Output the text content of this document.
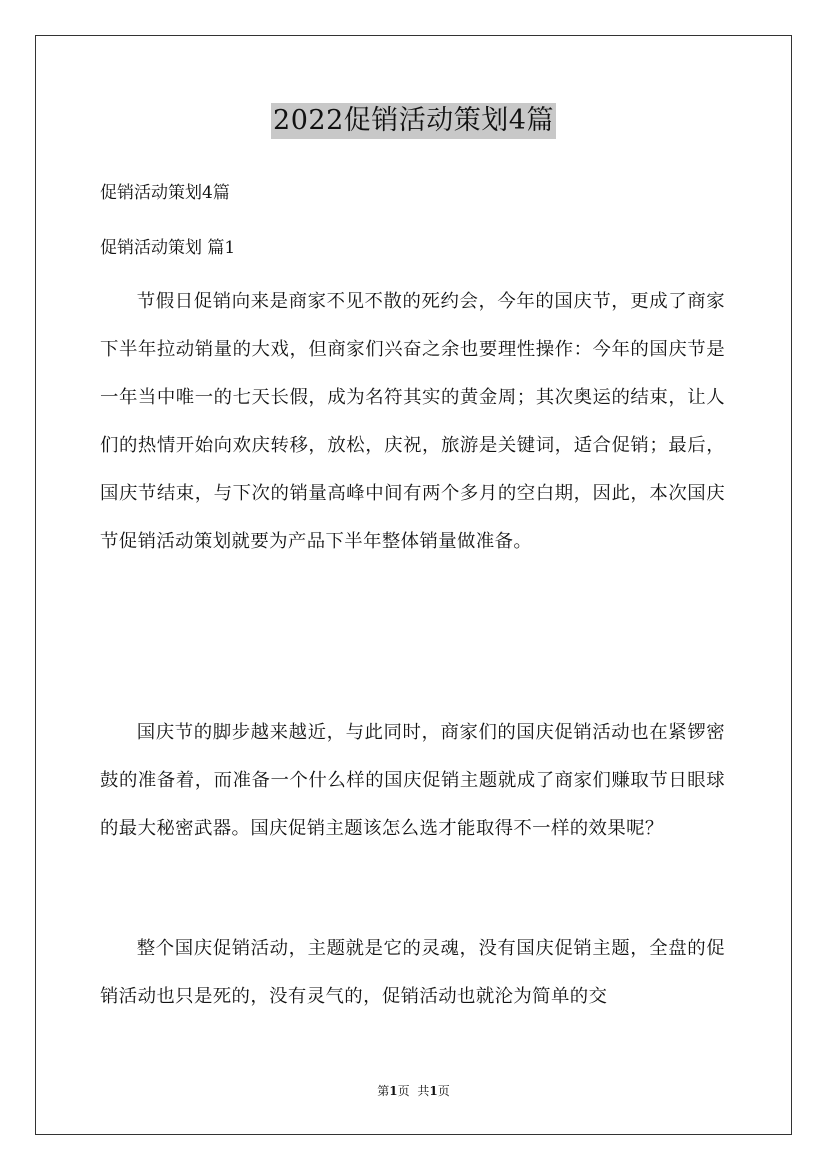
2022促销活动策划4篇

促销活动策划4篇

促销活动策划 篇1

节假日促销向来是商家不见不散的死约会，今年的国庆节，更成了商家下半年拉动销量的大戏，但商家们兴奋之余也要理性操作：今年的国庆节是一年当中唯一的七天长假，成为名符其实的黄金周；其次奥运的结束，让人们的热情开始向欢庆转移，放松，庆祝，旅游是关键词，适合促销；最后，国庆节结束，与下次的销量高峰中间有两个多月的空白期，因此，本次国庆节促销活动策划就要为产品下半年整体销量做准备。

国庆节的脚步越来越近，与此同时，商家们的国庆促销活动也在紧锣密鼓的准备着，而准备一个什么样的国庆促销主题就成了商家们赚取节日眼球的最大秘密武器。国庆促销主题该怎么选才能取得不一样的效果呢？

整个国庆促销活动，主题就是它的灵魂，没有国庆促销主题，全盘的促销活动也只是死的，没有灵气的，促销活动也就沦为简单的交

第1页 共1页
